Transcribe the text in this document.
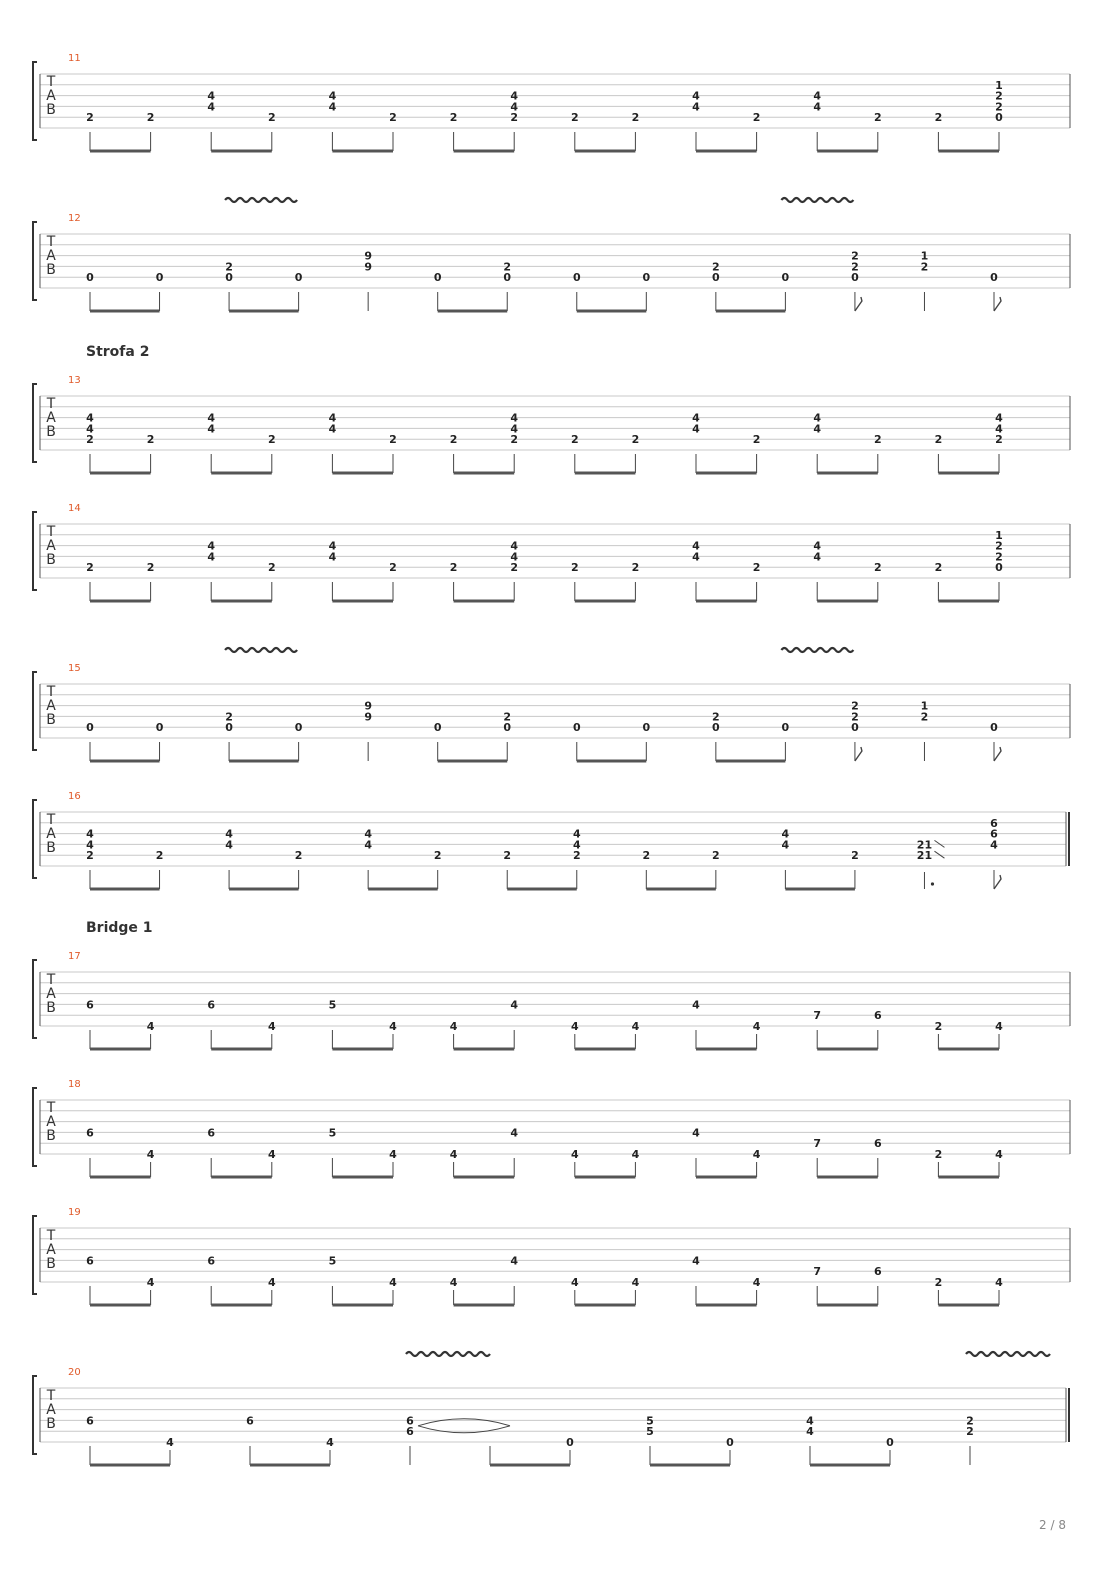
T
A
B
11
2	2
4
4
2
4
4
2	2
4
4
2	2	2
4
4
2
4
4
2	2
1
2
2
0
T
A
B
12
0	0
2
0	0
9
9
0
2
0	0	0
2
0	0
2
2
0
1
2
0
T
A
B
13
Strofa 2
4
4
2	2
4
4
2
4
4
2	2
4
4
2	2	2
4
4
2
4
4
2	2
4
4
2
T
A
B
14
2	2
4
4
2
4
4
2	2
4
4
2	2	2
4
4
2
4
4
2	2
1
2
2
0
T
A
B
15
0	0
2
0	0
9
9
0
2
0	0	0
2
0	0
2
2
0
1
2
0
T
A
B
16
4
4
2	2
4
4
2
4
4
2	2
4
4
2	2	2
4
4
2
21
21
6
6
4
T
A
B
17
Bridge 1
6
4
6
4
5
4	4
4
4	4
4
4
7	6
2	4
T
A
B
18
6
4
6
4
5
4	4
4
4	4
4
4
7	6
2	4
T
A
B
19
6
4
6
4
5
4	4
4
4	4
4
4
7	6
2	4
T
A
B
20
6
4
6
4
6
6
0
5
5
0
4
4
0
2
2
2 / 8
